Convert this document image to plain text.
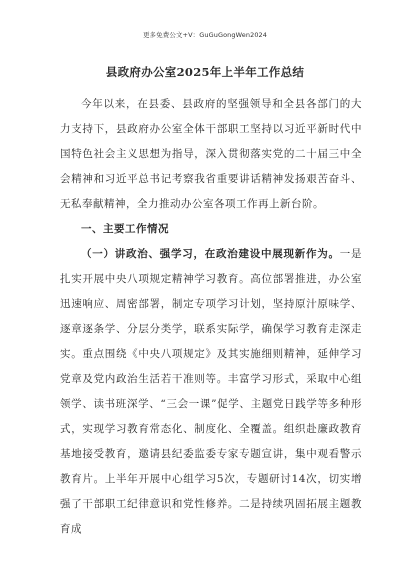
更多免费公文+V：GuGuGongWen2024
县政府办公室2025年上半年工作总结

今年以来，在县委、县政府的坚强领导和全县各部门的大力支持下，县政府办公室全体干部职工坚持以习近平新时代中国特色社会主义思想为指导，深入贯彻落实党的二十届三中全会精神和习近平总书记考察我省重要讲话精神发扬艰苦奋斗、无私奉献精神，全力推动办公室各项工作再上新台阶。

一、主要工作情况

（一）讲政治、强学习，在政治建设中展现新作为。一是扎实开展中央八项规定精神学习教育。高位部署推进，办公室迅速响应、周密部署，制定专项学习计划，坚持原汁原味学、逐章逐条学、分层分类学，联系实际学，确保学习教育走深走实。重点围绕《中央八项规定》及其实施细则精神，延伸学习党章及党内政治生活若干准则等。丰富学习形式，采取中心组领学、读书班深学、“三会一课”促学、主题党日践学等多种形式，实现学习教育常态化、制度化、全覆盖。组织赴廉政教育基地接受教育，邀请县纪委监委专家专题宣讲，集中观看警示教育片。上半年开展中心组学习5次，专题研讨14次，切实增强了干部职工纪律意识和党性修养。二是持续巩固拓展主题教育成
